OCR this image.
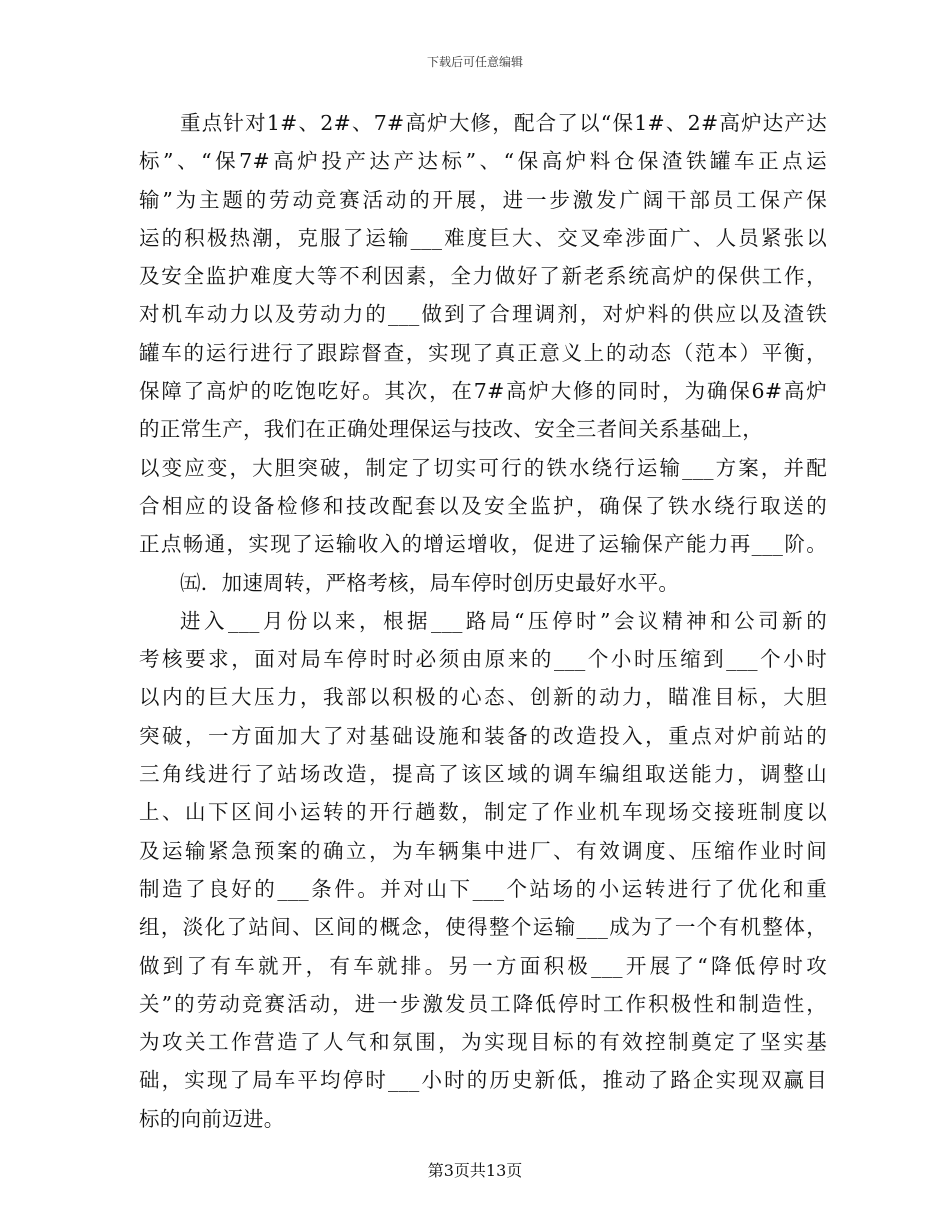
下载后可任意编辑
重点针对1#、2#、7#高炉大修，配合了以“保1#、2#高炉达产达
标”、“保7#高炉投产达产达标”、“保高炉料仓保渣铁罐车正点运
输”为主题的劳动竞赛活动的开展，进一步激发广阔干部员工保产保
运的积极热潮，克服了运输___难度巨大、交叉牵涉面广、人员紧张以
及安全监护难度大等不利因素，全力做好了新老系统高炉的保供工作，
对机车动力以及劳动力的___做到了合理调剂，对炉料的供应以及渣铁
罐车的运行进行了跟踪督查，实现了真正意义上的动态（范本）平衡，
保障了高炉的吃饱吃好。其次，在7#高炉大修的同时，为确保6#高炉
的正常生产，我们在正确处理保运与技改、安全三者间关系基础上，
以变应变，大胆突破，制定了切实可行的铁水绕行运输___方案，并配
合相应的设备检修和技改配套以及安全监护，确保了铁水绕行取送的
正点畅通，实现了运输收入的增运增收，促进了运输保产能力再___阶。
㈤．加速周转，严格考核，局车停时创历史最好水平。
进入___月份以来，根据___路局“压停时”会议精神和公司新的
考核要求，面对局车停时时必须由原来的___个小时压缩到___个小时
以内的巨大压力，我部以积极的心态、创新的动力，瞄准目标，大胆
突破，一方面加大了对基础设施和装备的改造投入，重点对炉前站的
三角线进行了站场改造，提高了该区域的调车编组取送能力，调整山
上、山下区间小运转的开行趟数，制定了作业机车现场交接班制度以
及运输紧急预案的确立，为车辆集中进厂、有效调度、压缩作业时间
制造了良好的___条件。并对山下___个站场的小运转进行了优化和重
组，淡化了站间、区间的概念，使得整个运输___成为了一个有机整体，
做到了有车就开，有车就排。另一方面积极___开展了“降低停时攻
关”的劳动竞赛活动，进一步激发员工降低停时工作积极性和制造性，
为攻关工作营造了人气和氛围，为实现目标的有效控制奠定了坚实基
础，实现了局车平均停时___小时的历史新低，推动了路企实现双赢目
标的向前迈进。
第3页共13页
